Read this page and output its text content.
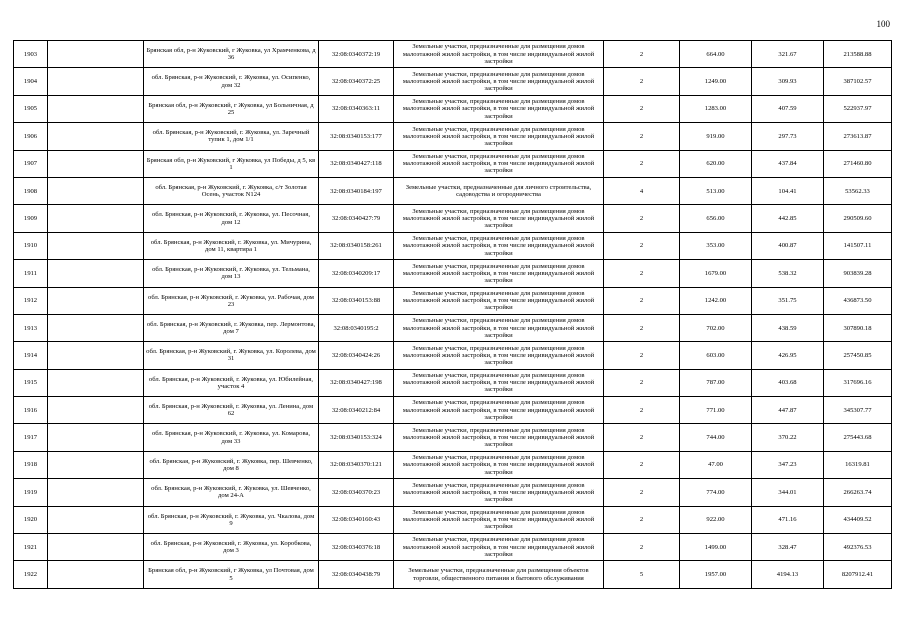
100
1903		Брянская обл, р-н Жуковский, г Жуковка, ул Храмченкова, д 36	32:08:0340372:19	Земельные участки, предназначенные для размещения домов малоэтажной жилой застройки, в том числе индивидуальной жилой застройки	2	664.00	321.67	213588.88
1904		обл. Брянская, р-н Жуковский, г. Жуковка, ул. Осипенко, дом 32	32:08:0340372:25	Земельные участки, предназначенные для размещения домов малоэтажной жилой застройки, в том числе индивидуальной жилой застройки	2	1249.00	309.93	387102.57
1905		Брянская обл, р-н Жуковский, г Жуковка, ул Больничная, д 25	32:08:0340363:11	Земельные участки, предназначенные для размещения домов малоэтажной жилой застройки, в том числе индивидуальной жилой застройки	2	1283.00	407.59	522937.97
1906		обл. Брянская, р-н Жуковский, г. Жуковка, ул. Заречный тупик 1, дом 1/1	32:08:0340153:177	Земельные участки, предназначенные для размещения домов малоэтажной жилой застройки, в том числе индивидуальной жилой застройки	2	919.00	297.73	273613.87
1907		Брянская обл, р-н Жуковский, г Жуковка, ул Победы, д 5, кв 1	32:08:0340427:118	Земельные участки, предназначенные для размещения домов малоэтажной жилой застройки, в том числе индивидуальной жилой застройки	2	620.00	437.84	271460.80
1908		обл. Брянская, р-н Жуковский, г. Жуковка, с/т Золотая Осень, участок N124	32:08:0340184:197	Земельные участки, предназначенные для личного строительства, садоводства и огородничества	4	513.00	104.41	53562.33
1909		обл. Брянская, р-н Жуковский, г. Жуковка, ул. Песочная, дом 12	32:08:0340427:79	Земельные участки, предназначенные для размещения домов малоэтажной жилой застройки, в том числе индивидуальной жилой застройки	2	656.00	442.85	290509.60
1910		обл. Брянская, р-н Жуковский, г. Жуковка, ул. Мичурина, дом 11, квартира 1	32:08:0340158:261	Земельные участки, предназначенные для размещения домов малоэтажной жилой застройки, в том числе индивидуальной жилой застройки	2	353.00	400.87	141507.11
1911		обл. Брянская, р-н Жуковский, г. Жуковка, ул. Тельмана, дом 13	32:08:0340209:17	Земельные участки, предназначенные для размещения домов малоэтажной жилой застройки, в том числе индивидуальной жилой застройки	2	1679.00	538.32	903839.28
1912		обл. Брянская, р-н Жуковский, г. Жуковка, ул. Рабочая, дом 23	32:08:0340153:88	Земельные участки, предназначенные для размещения домов малоэтажной жилой застройки, в том числе индивидуальной жилой застройки	2	1242.00	351.75	436873.50
1913		обл. Брянская, р-н Жуковский, г. Жуковка, пер. Лермонтова, дом 7	32:08:0340195:2	Земельные участки, предназначенные для размещения домов малоэтажной жилой застройки, в том числе индивидуальной жилой застройки	2	702.00	438.59	307890.18
1914		обл. Брянская, р-н Жуковский, г. Жуковка, ул. Королева, дом 31	32:08:0340424:26	Земельные участки, предназначенные для размещения домов малоэтажной жилой застройки, в том числе индивидуальной жилой застройки	2	603.00	426.95	257450.85
1915		обл. Брянская, р-н Жуковский, г. Жуковка, ул. Юбилейная, участок 4	32:08:0340427:198	Земельные участки, предназначенные для размещения домов малоэтажной жилой застройки, в том числе индивидуальной жилой застройки	2	787.00	403.68	317696.16
1916		обл. Брянская, р-н Жуковский, г. Жуковка, ул. Ленина, дом 62	32:08:0340212:84	Земельные участки, предназначенные для размещения домов малоэтажной жилой застройки, в том числе индивидуальной жилой застройки	2	771.00	447.87	345307.77
1917		обл. Брянская, р-н Жуковский, г. Жуковка, ул. Комарова, дом 33	32:08:0340153:324	Земельные участки, предназначенные для размещения домов малоэтажной жилой застройки, в том числе индивидуальной жилой застройки	2	744.00	370.22	275443.68
1918		обл. Брянская, р-н Жуковский, г. Жуковка, пер. Шевченко, дом 8	32:08:0340370:121	Земельные участки, предназначенные для размещения домов малоэтажной жилой застройки, в том числе индивидуальной жилой застройки	2	47.00	347.23	16319.81
1919		обл. Брянская, р-н Жуковский, г. Жуковка, ул. Шевченко, дом 24-А	32:08:0340370:23	Земельные участки, предназначенные для размещения домов малоэтажной жилой застройки, в том числе индивидуальной жилой застройки	2	774.00	344.01	266263.74
1920		обл. Брянская, р-н Жуковский, г. Жуковка, ул. Чкалова, дом 9	32:08:0340160:43	Земельные участки, предназначенные для размещения домов малоэтажной жилой застройки, в том числе индивидуальной жилой застройки	2	922.00	471.16	434409.52
1921		обл. Брянская, р-н Жуковский, г. Жуковка, ул. Коробкова, дом 3	32:08:0340376:18	Земельные участки, предназначенные для размещения домов малоэтажной жилой застройки, в том числе индивидуальной жилой застройки	2	1499.00	328.47	492376.53
1922		Брянская обл, р-н Жуковский, г Жуковка, ул Почтовая, дом 5	32:08:0340438:79	Земельные участки, предназначенные для размещения объектов торговли, общественного питания и бытового обслуживания	5	1957.00	4194.13	8207912.41
